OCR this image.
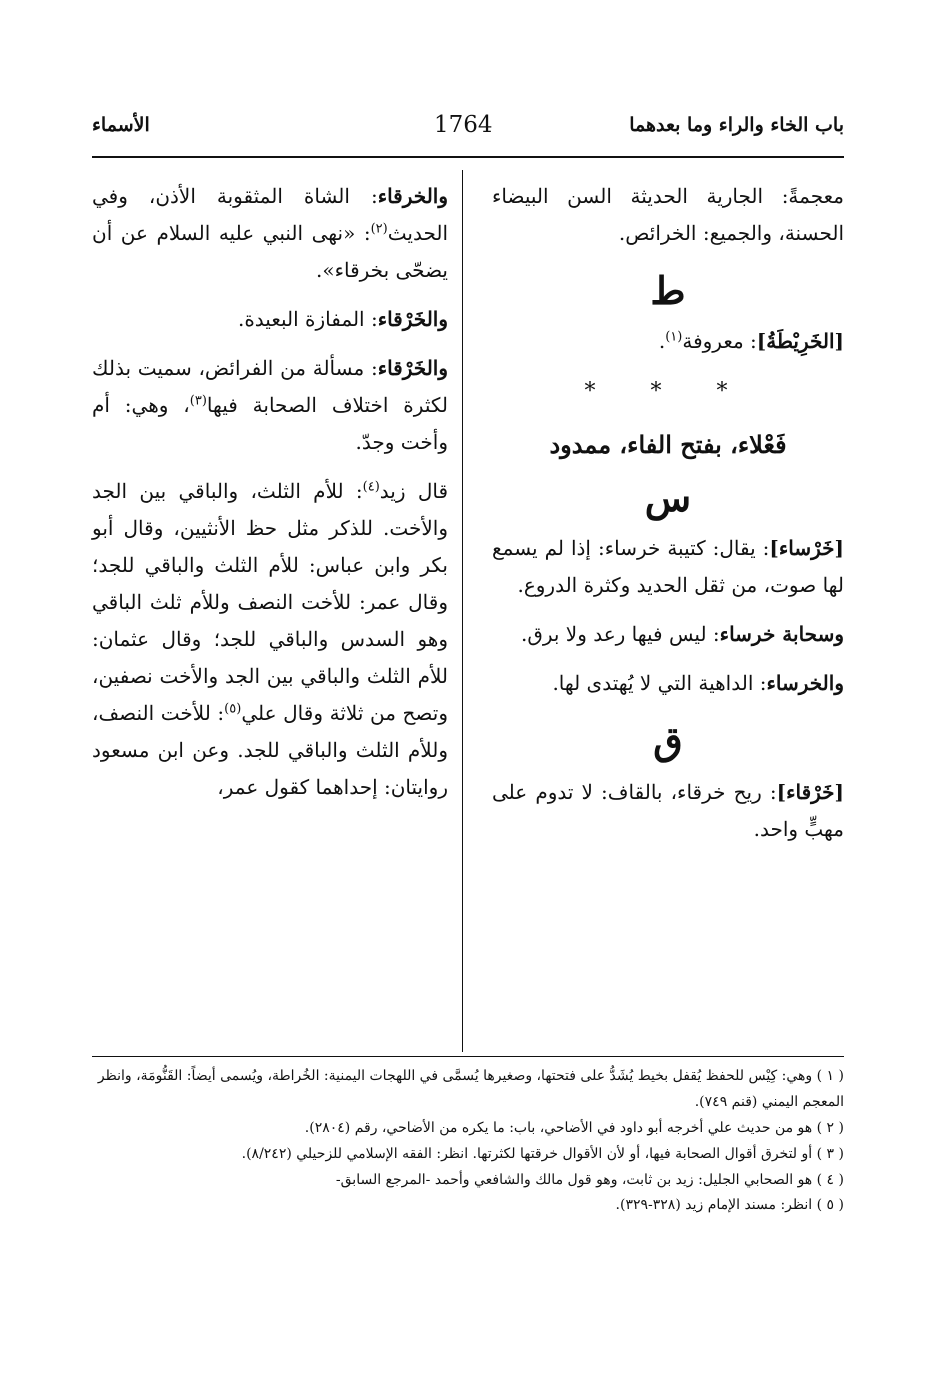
باب الخاء والراء وما بعدهما
1764
الأسماء

معجمةً: الجارية الحديثة السن البيضاء الحسنة، والجميع: الخرائص.

ط

[الخَرِيْطَةُ]: معروفة$^{(١)}$.

* * *
فَعْلاء، بفتح الفاء، ممدود
س

[خَرْساء]: يقال: كتيبة خرساء: إذا لم يسمع لها صوت، من ثقل الحديد وكثرة الدروع.

وسحابة خرساء: ليس فيها رعد ولا برق.

والخرساء: الداهية التي لا يُهتدى لها.

ق

[خَرْقاء]: ريح خرقاء، بالقاف: لا تدوم على مهبٍّ واحد.

والخرقاء: الشاة المثقوبة الأذن، وفي الحديث$^{(٢)}$: «نهى النبي عليه السلام عن أن يضحّى بخرقاء».

والخَرْقاء: المفازة البعيدة.

والخَرْقاء: مسألة من الفرائض، سميت بذلك لكثرة اختلاف الصحابة فيها$^{(٣)}$، وهي: أم وأخت وجدّ.

قال زيد$^{(٤)}$: للأم الثلث، والباقي بين الجد والأخت. للذكر مثل حظ الأنثيين، وقال أبو بكر وابن عباس: للأم الثلث والباقي للجد؛ وقال عمر: للأخت النصف وللأم ثلث الباقي وهو السدس والباقي للجد؛ وقال عثمان: للأم الثلث والباقي بين الجد والأخت نصفين، وتصح من ثلاثة وقال علي$^{(٥)}$: للأخت النصف، وللأم الثلث والباقي للجد. وعن ابن مسعود روايتان: إحداهما كقول عمر،

( ١ ) وهي: كِيْس للحفظ يُقفل بخيط يُشَدُّ على فتحتها، وصغيرها يُسمَّى في اللهجات اليمنية: الخُراطة، ويُسمى أيضاً: القَنُّومَة، وانظر المعجم اليمني (قنم ٧٤٩).
( ٢ ) هو من حديث علي أخرجه أبو داود في الأضاحي، باب: ما يكره من الأضاحي، رقم (٢٨٠٤).
( ٣ ) أو لتخرق أقوال الصحابة فيها، أو لأن الأقوال خرقتها لكثرتها. انظر: الفقه الإسلامي للزحيلي (٨/٢٤٢).
( ٤ ) هو الصحابي الجليل: زيد بن ثابت، وهو قول مالك والشافعي وأحمد -المرجع السابق-
( ٥ ) انظر: مسند الإمام زيد (٣٢٨-٣٢٩).
